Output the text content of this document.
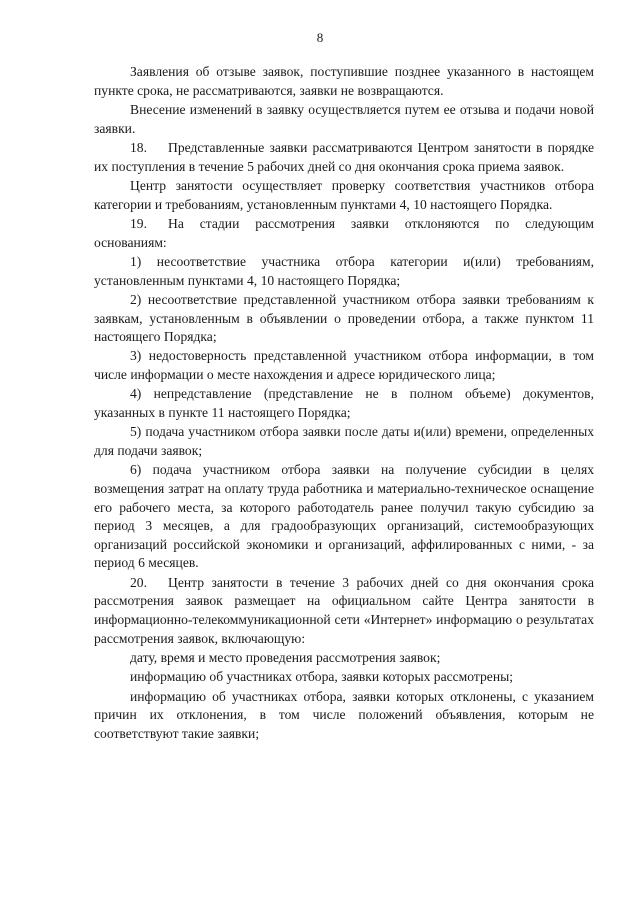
8

Заявления об отзыве заявок, поступившие позднее указанного в настоящем пункте срока, не рассматриваются, заявки не возвращаются.

Внесение изменений в заявку осуществляется путем ее отзыва и подачи новой заявки.

18. Представленные заявки рассматриваются Центром занятости в порядке их поступления в течение 5 рабочих дней со дня окончания срока приема заявок.

Центр занятости осуществляет проверку соответствия участников отбора категории и требованиям, установленным пунктами 4, 10 настоящего Порядка.

19. На стадии рассмотрения заявки отклоняются по следующим основаниям:

1) несоответствие участника отбора категории и(или) требованиям, установленным пунктами 4, 10 настоящего Порядка;

2) несоответствие представленной участником отбора заявки требованиям к заявкам, установленным в объявлении о проведении отбора, а также пунктом 11 настоящего Порядка;

3) недостоверность представленной участником отбора информации, в том числе информации о месте нахождения и адресе юридического лица;

4) непредставление (представление не в полном объеме) документов, указанных в пункте 11 настоящего Порядка;

5) подача участником отбора заявки после даты и(или) времени, определенных для подачи заявок;

6) подача участником отбора заявки на получение субсидии в целях возмещения затрат на оплату труда работника и материально-техническое оснащение его рабочего места, за которого работодатель ранее получил такую субсидию за период 3 месяцев, а для градообразующих организаций, системообразующих организаций российской экономики и организаций, аффилированных с ними, - за период 6 месяцев.

20. Центр занятости в течение 3 рабочих дней со дня окончания срока рассмотрения заявок размещает на официальном сайте Центра занятости в информационно-телекоммуникационной сети «Интернет» информацию о результатах рассмотрения заявок, включающую:

дату, время и место проведения рассмотрения заявок;

информацию об участниках отбора, заявки которых рассмотрены;

информацию об участниках отбора, заявки которых отклонены, с указанием причин их отклонения, в том числе положений объявления, которым не соответствуют такие заявки;
